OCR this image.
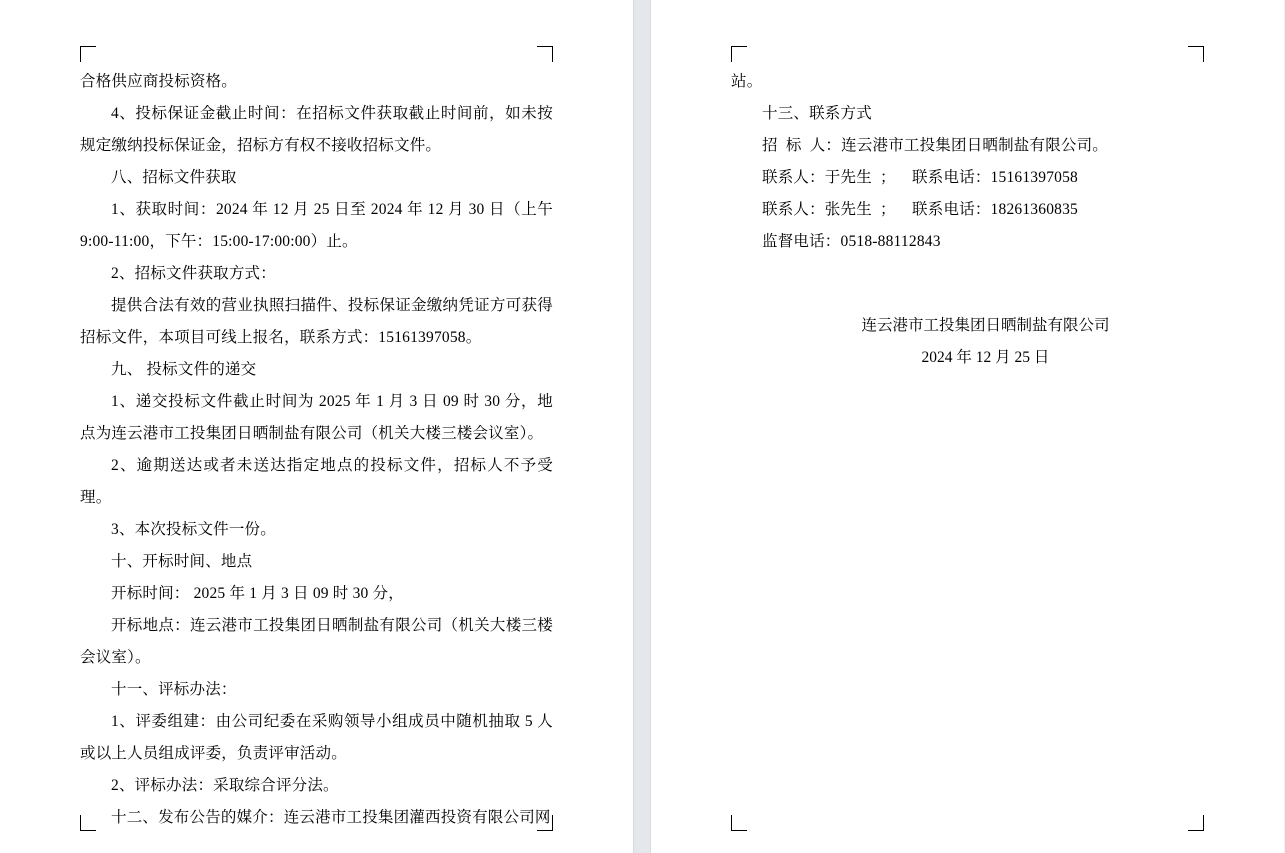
合格供应商投标资格。

4、投标保证金截止时间：在招标文件获取截止时间前，如未按规定缴纳投标保证金，招标方有权不接收招标文件。

八、招标文件获取

1、获取时间：2024 年 12 月 25 日至 2024 年 12 月 30 日（上午 9:00-11:00，下午：15:00-17:00:00）止。

2、招标文件获取方式：

提供合法有效的营业执照扫描件、投标保证金缴纳凭证方可获得招标文件，本项目可线上报名，联系方式：15161397058。

九、 投标文件的递交

1、递交投标文件截止时间为 2025 年 1 月 3 日 09 时 30 分，地点为连云港市工投集团日晒制盐有限公司（机关大楼三楼会议室）。

2、逾期送达或者未送达指定地点的投标文件，招标人不予受理。

3、本次投标文件一份。

十、开标时间、地点

开标时间： 2025 年 1 月 3 日 09 时 30 分，

开标地点：连云港市工投集团日晒制盐有限公司（机关大楼三楼会议室）。

十一、评标办法：

1、评委组建：由公司纪委在采购领导小组成员中随机抽取 5 人或以上人员组成评委，负责评审活动。

2、评标办法：采取综合评分法。

十二、发布公告的媒介：连云港市工投集团灌西投资有限公司网

站。

十三、联系方式

招  标  人：连云港市工投集团日晒制盐有限公司。

联系人：于先生  ；    联系电话：15161397058

联系人：张先生  ；    联系电话：18261360835

监督电话：0518-88112843

连云港市工投集团日晒制盐有限公司
2024 年 12 月 25 日
